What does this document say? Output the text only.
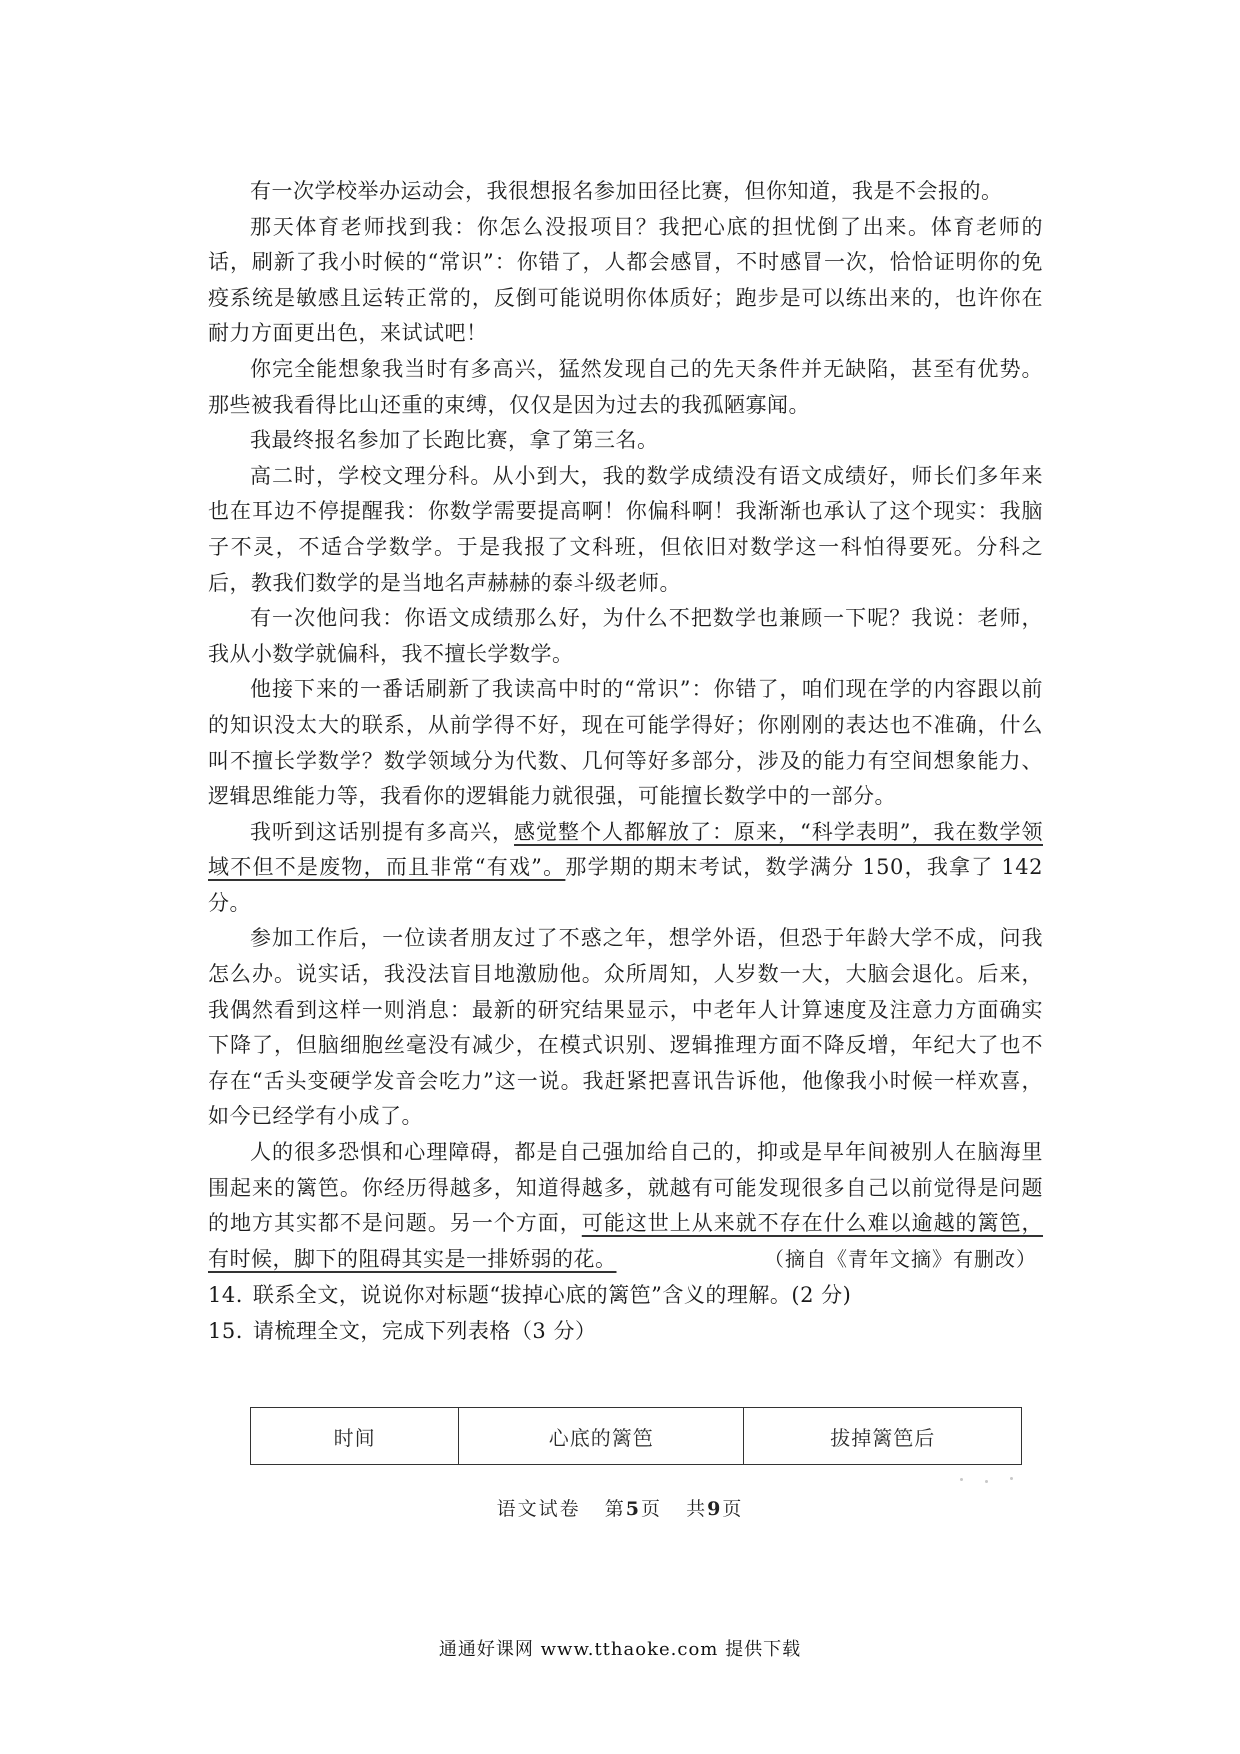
有一次学校举办运动会，我很想报名参加田径比赛，但你知道，我是不会报的。

那天体育老师找到我：你怎么没报项目？我把心底的担忧倒了出来。体育老师的话，刷新了我小时候的“常识”：你错了，人都会感冒，不时感冒一次，恰恰证明你的免疫系统是敏感且运转正常的，反倒可能说明你体质好；跑步是可以练出来的，也许你在耐力方面更出色，来试试吧！

你完全能想象我当时有多高兴，猛然发现自己的先天条件并无缺陷，甚至有优势。那些被我看得比山还重的束缚，仅仅是因为过去的我孤陋寡闻。

我最终报名参加了长跑比赛，拿了第三名。

高二时，学校文理分科。从小到大，我的数学成绩没有语文成绩好，师长们多年来也在耳边不停提醒我：你数学需要提高啊！你偏科啊！我渐渐也承认了这个现实：我脑子不灵，不适合学数学。于是我报了文科班，但依旧对数学这一科怕得要死。分科之后，教我们数学的是当地名声赫赫的泰斗级老师。

有一次他问我：你语文成绩那么好，为什么不把数学也兼顾一下呢？我说：老师，我从小数学就偏科，我不擅长学数学。

他接下来的一番话刷新了我读高中时的“常识”：你错了，咱们现在学的内容跟以前的知识没太大的联系，从前学得不好，现在可能学得好；你刚刚的表达也不准确，什么叫不擅长学数学？数学领域分为代数、几何等好多部分，涉及的能力有空间想象能力、逻辑思维能力等，我看你的逻辑能力就很强，可能擅长数学中的一部分。

我听到这话别提有多高兴，感觉整个人都解放了：原来，“科学表明”，我在数学领域不但不是废物，而且非常“有戏”。那学期的期末考试，数学满分 150，我拿了 142 分。

参加工作后，一位读者朋友过了不惑之年，想学外语，但恐于年龄大学不成，问我怎么办。说实话，我没法盲目地激励他。众所周知，人岁数一大，大脑会退化。后来，我偶然看到这样一则消息：最新的研究结果显示，中老年人计算速度及注意力方面确实下降了，但脑细胞丝毫没有减少，在模式识别、逻辑推理方面不降反增，年纪大了也不存在“舌头变硬学发音会吃力”这一说。我赶紧把喜讯告诉他，他像我小时候一样欢喜，如今已经学有小成了。

人的很多恐惧和心理障碍，都是自己强加给自己的，抑或是早年间被别人在脑海里围起来的篱笆。你经历得越多，知道得越多，就越有可能发现很多自己以前觉得是问题的地方其实都不是问题。另一个方面，可能这世上从来就不存在什么难以逾越的篱笆，有时候，脚下的阻碍其实是一排娇弱的花。	（摘自《青年文摘》有删改）

14. 联系全文，说说你对标题“拔掉心底的篱笆”含义的理解。(2 分)

15. 请梳理全文，完成下列表格（3 分）

时间	心底的篱笆	拔掉篱笆后
语文试卷 第5页 共9页
通通好课网 www.tthaoke.com 提供下载
